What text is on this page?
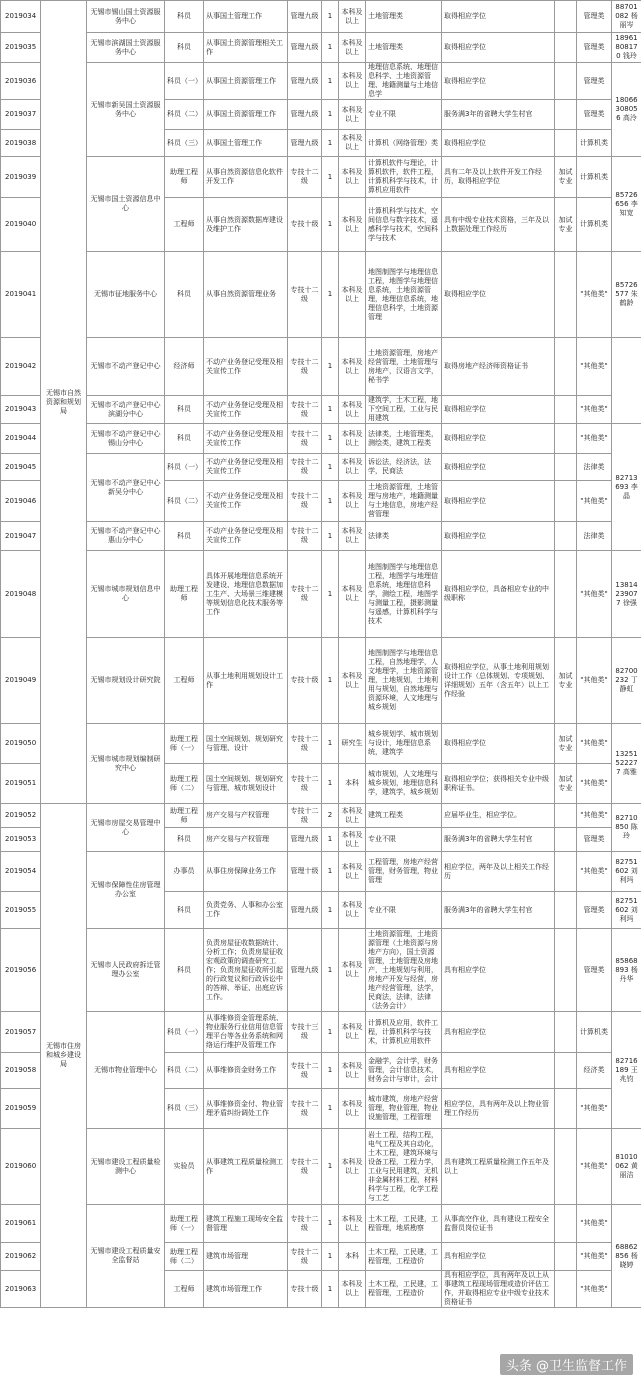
2019034	无锡市自然资源和规划局	无锡市锡山国土资源服务中心	科员	从事国土管理工作	管理九级	1	本科及以上	土地管理类	取得相应学位		管理类	88701082 杨丽岑
2019035		无锡市滨湖国土资源服务中心	科员	从事国土资源管理相关工作	管理九级	1	本科及以上	土地管理类	取得相应学位		管理类	18961808170 钱玲
2019036		无锡市新吴国土资源服务中心	科员（一）	从事国土资源管理工作	管理九级	1	本科及以上	地理信息系统、地理信息科学、土地资源管理、地籍测量与土地信息学	取得相应学位		管理类	18066308056 高泠
2019037			科员（二）	从事国土资源管理工作	管理九级	1	本科及以上	专业不限	服务满3年的省聘大学生村官		管理类	
2019038			科员（三）	从事国土管理工作	管理九级	1	本科及以上	计算机（网络管理）类	取得相应学位		计算机类	
2019039		无锡市国土资源信息中心	助理工程师	从事自然资源信息化软件开发工作	专技十二级	1	本科及以上	计算机软件与理论，计算机软件，软件工程，计算机科学与技术，计算机应用软件	具有二年及以上软件开发工作经历，取得相应学位	加试专业	计算机类	85726656 李知宽
2019040			工程师	从事自然资源数据库建设及维护工作	专技十级	1	本科及以上	计算机科学与技术，空间信息与数字技术，遥感科学与技术，空间科学与技术	具有中级专业技术资格，三年及以上数据处理工作经历	加试专业	计算机类	
2019041		无锡市征地服务中心	科员	从事自然资源管理业务	专技十二级	1	本科及以上	地图制图学与地理信息工程，地图学与地理信息系统，土地资源管理，地理信息系统，地理信息科学，土地资源管理	取得相应学位		"其他类"	85726577 朱鹤龄
2019042		无锡市不动产登记中心	经济师	不动产业务登记受理及相关宣传工作	专技十二级	1	本科及以上	土地资源管理，房地产经营管理，土地管理与房地产，汉语言文学，秘书学	取得房地产经济师资格证书		"其他类"	
2019043		无锡市不动产登记中心滨湖分中心	科员	不动产业务登记受理及相关宣传工作	专技十二级	1	本科及以上	建筑学，土木工程，地下空间工程，工业与民用建筑	取得相应学位		"其他类"	
2019044		无锡市不动产登记中心锡山分中心	科员	不动产业务登记受理及相关宣传工作	专技十二级	1	本科及以上	法律类，土地管理类，测绘类，建筑工程类	取得相应学位		"其他类"	82713693 李晶
2019045		无锡市不动产登记中心新吴分中心	科员（一）	不动产业务登记受理及相关宣传工作	专技十二级	1	本科及以上	诉讼法，经济法，法学，民商法	取得相应学位		法律类	
2019046			科员（二）	不动产业务登记受理及相关宣传工作	专技十二级	1	本科及以上	土地资源管理，土地管理与房地产，地籍测量与土地信息，房地产经营管理	取得相应学位		"其他类"	
2019047		无锡市不动产登记中心惠山分中心	科员	不动产业务登记受理及相关宣传工作	专技十二级	1	本科及以上	法律类	取得相应学位		法律类	
2019048		无锡市城市规划信息中心	助理工程师	具体开展地理信息系统开发建设、地理信息数据加工生产、大场景三维建模等规划信息化技术服务等工作	专技十二级	1	本科及以上	地图制图学与地理信息工程，地图学与地理信息系统，地理信息科学，测绘工程，地图学与测量工程，摄影测量与遥感，计算机科学与技术	取得相应学位，具备相应专业的中级职称		"其他类"	13814239077 徐强
2019049		无锡市规划设计研究院	工程师	从事土地利用规划设计工作	专技十级	1	本科及以上	地图制图学与地理信息工程，自然地理学，人文地理学，土地资源管理，土地规划，土地利用与规划，自然地理与资源环境，人文地理与城乡规划	取得相应学位，从事土地利用规划设计工作（总体规划、专项规划、详细规划）五年（含五年）以上工作经验	加试专业	"其他类"	82700232 丁静虹
2019050		无锡市城市规划编制研究中心	助理工程师（一）	国土空间规划、规划研究与管理、设计	专技十二级	1	研究生	城乡规划学、城市规划与设计，地理信息系统，建筑学	取得相应学位	加试专业	"其他类"	13251522277 高雅
2019051			助理工程师（二）	国土空间规划、规划研究与管理、城市规划设计	专技十二级	1	本科	城市规划，人文地理与城乡规划，地理信息科学，建筑学，城乡规划	取得相应学位；获得相关专业中级职称证书。	加试专业	"其他类"	
2019052	无锡市住房和城乡建设局	无锡市房屋交易管理中心	助理工程师	房产交易与产权管理	专技十二级	2	本科及以上	建筑工程类	应届毕业生，相应学位。		"其他类"	82710850 陈玲
2019053			科员	房产交易与产权管理	管理九级	1	本科及以上	专业不限	服务满3年的省聘大学生村官		管理类	
2019054		无锡市保障性住房管理办公室	办事员	从事住房保障业务工作	管理十级	1	本科及以上	工程管理，房地产经营管理，财务管理，物业管理	相应学位，两年及以上相关工作经历		"其他类"	82751602 刘利玛
2019055			科员	负责党务、人事和办公室工作	管理九级	1	本科及以上	专业不限	服务满3年的省聘大学生村官		管理类	82751602 刘利玛
2019056		无锡市人民政府拆迁管理办公室	科员	负责房屋征收数据统计、分析工作；负责房屋征收宏观政策的调查研究工作；负责房屋征收所引起的行政复议和行政诉讼中的答辩、举证、出庭应诉工作。	管理九级	1	本科及以上	土地资源管理，土地资源管理（土地资源与房地产方向），国土资源管理，土地管理及房地产，土地规划与利用，房地产开发与经营，房地产经营管理，法学，民商法，法律，法律（法务会计）	具有相应学位		管理类	85868893 杨丹华
2019057		无锡市物业管理中心	科员（一）	从事维修资金管理系统、物业服务行业信用信息管理平台等各业务系统和网络运行维护及管理工作	专技十三级	1	本科及以上	计算机及应用，软件工程，计算机科学与技术，计算机应用软件	具有相应学位		计算机类	82716189 王兆钧
2019058			科员（二）	从事维修资金财务工作	专技十二级	1	本科及以上	金融学，会计学，财务管理，会计信息技术，财务会计与审计，会计	具有相应学位		经济类	
2019059			科员（三）	从事维修资金付、物业管理矛盾纠纷调处工作	专技十二级	1	本科及以上	城市建筑，房地产经营管理，物业管理，物业设施管理，工程管理	相应学位，具有两年及以上物业管理工作经历		"其他类"	
2019060		无锡市建设工程质量检测中心	实验员	从事建筑工程质量检测工作	专技十二级	1	本科及以上	岩土工程，结构工程，电气工程及其自动化，土木工程，建筑环境与设备工程，工程力学，工业与民用建筑，无机非金属材料工程，材料科学与工程，化学工程与工艺	具有建筑工程质量检测工作五年及以上		"其他类"	81010062 黄丽洁
2019061		无锡市建设工程质量安全监督站	助理工程师（一）	建筑工程施工现场安全监督管理	专技十二级	1	本科及以上	土木工程，工民建，工程管理，地质勘察	从事高空作业，具有建设工程安全监督员岗位证书		"其他类"	68862856 杨晓婷
2019062			助理工程师（二）	建筑市场管理	专技十二级	1	本科	土木工程，工民建，工程管理，工程造价	具有相应学位		"其他类"	
2019063			工程师	建筑市场管理工作	专技十级	1	本科及以上	土木工程，工民建，工程管理，工程造价	具有相应学位，具有两年及以上从事建筑工程现场管理或造价评估工作，并取得相应专业中级专业技术资格证书		"其他类"	
头条 @卫生监督工作
